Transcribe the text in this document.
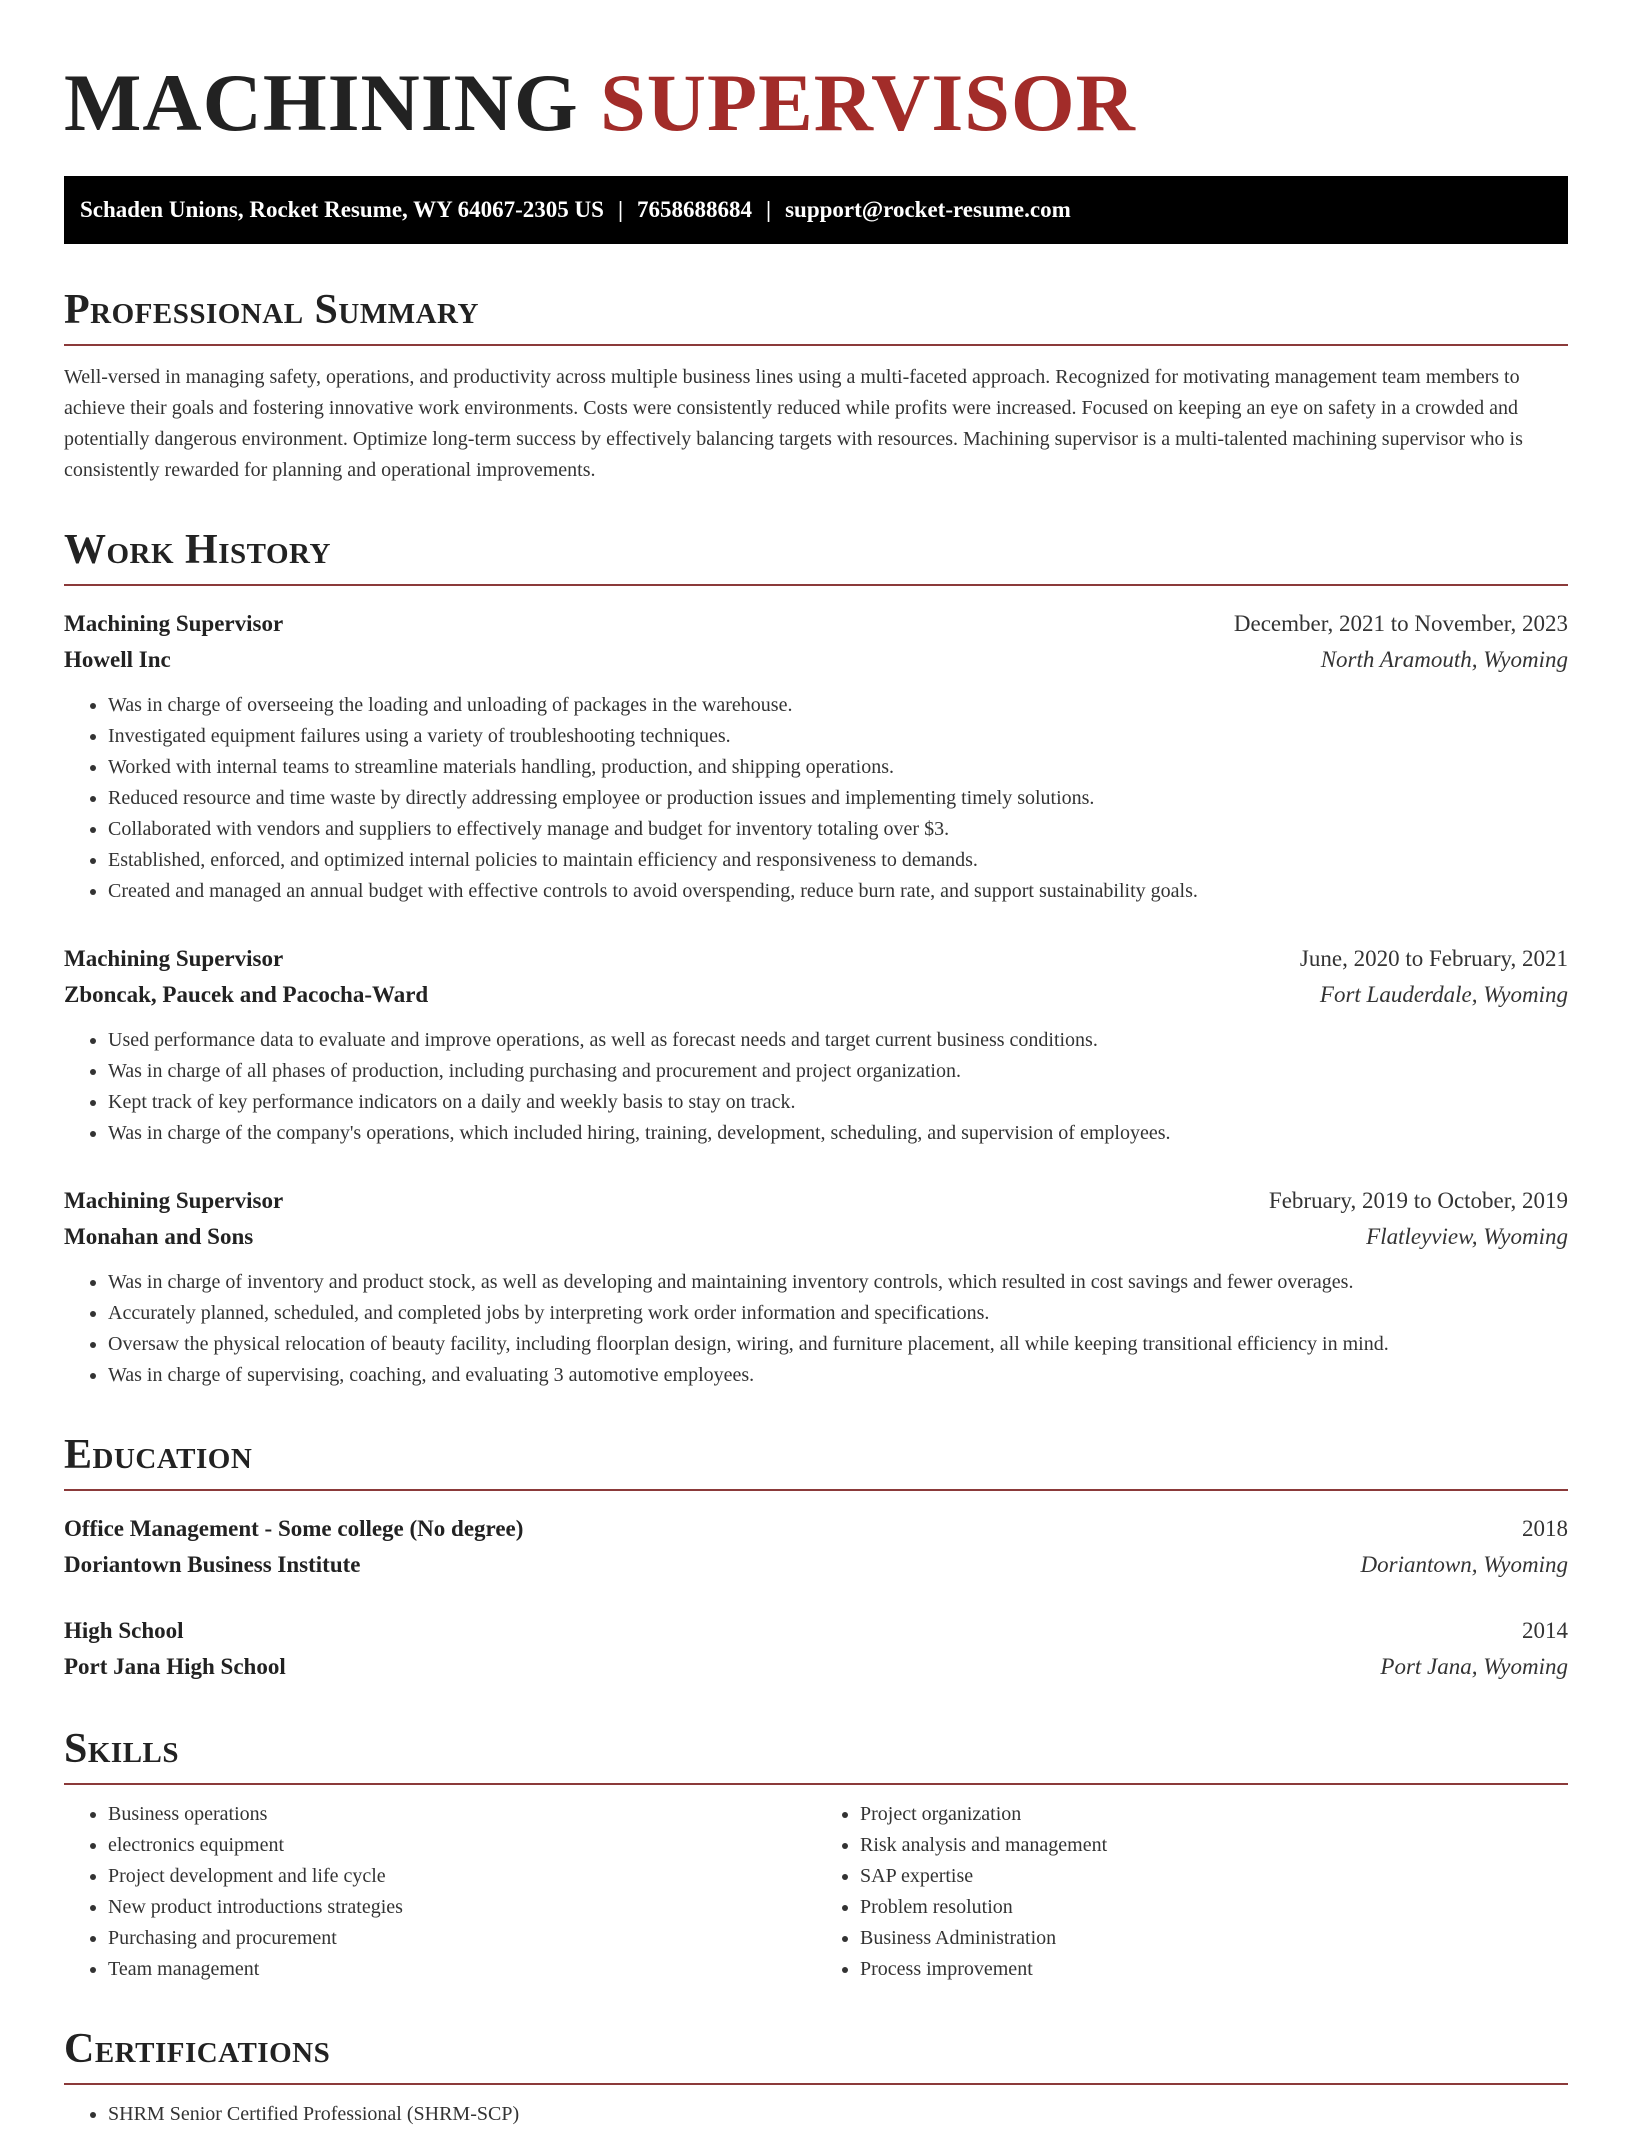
MACHINING SUPERVISOR
Schaden Unions, Rocket Resume, WY 64067-2305 US | 7658688684 | support@rocket-resume.com
Professional Summary

Well-versed in managing safety, operations, and productivity across multiple business lines using a multi-faceted approach. Recognized for motivating management team members to achieve their goals and fostering innovative work environments. Costs were consistently reduced while profits were increased. Focused on keeping an eye on safety in a crowded and potentially dangerous environment. Optimize long-term success by effectively balancing targets with resources. Machining supervisor is a multi-talented machining supervisor who is consistently rewarded for planning and operational improvements.

Work History
Machining Supervisor	December, 2021 to November, 2023
Howell Inc	North Aramouth, Wyoming
• Was in charge of overseeing the loading and unloading of packages in the warehouse.
• Investigated equipment failures using a variety of troubleshooting techniques.
• Worked with internal teams to streamline materials handling, production, and shipping operations.
• Reduced resource and time waste by directly addressing employee or production issues and implementing timely solutions.
• Collaborated with vendors and suppliers to effectively manage and budget for inventory totaling over $3.
• Established, enforced, and optimized internal policies to maintain efficiency and responsiveness to demands.
• Created and managed an annual budget with effective controls to avoid overspending, reduce burn rate, and support sustainability goals.
Machining Supervisor	June, 2020 to February, 2021
Zboncak, Paucek and Pacocha-Ward	Fort Lauderdale, Wyoming
• Used performance data to evaluate and improve operations, as well as forecast needs and target current business conditions.
• Was in charge of all phases of production, including purchasing and procurement and project organization.
• Kept track of key performance indicators on a daily and weekly basis to stay on track.
• Was in charge of the company's operations, which included hiring, training, development, scheduling, and supervision of employees.
Machining Supervisor	February, 2019 to October, 2019
Monahan and Sons	Flatleyview, Wyoming
• Was in charge of inventory and product stock, as well as developing and maintaining inventory controls, which resulted in cost savings and fewer overages.
• Accurately planned, scheduled, and completed jobs by interpreting work order information and specifications.
• Oversaw the physical relocation of beauty facility, including floorplan design, wiring, and furniture placement, all while keeping transitional efficiency in mind.
• Was in charge of supervising, coaching, and evaluating 3 automotive employees.
Education
Office Management - Some college (No degree)	2018
Doriantown Business Institute	Doriantown, Wyoming
High School	2014
Port Jana High School	Port Jana, Wyoming
Skills
• Business operations
• electronics equipment
• Project development and life cycle
• New product introductions strategies
• Purchasing and procurement
• Team management
• Project organization
• Risk analysis and management
• SAP expertise
• Problem resolution
• Business Administration
• Process improvement
Certifications
• SHRM Senior Certified Professional (SHRM-SCP)
